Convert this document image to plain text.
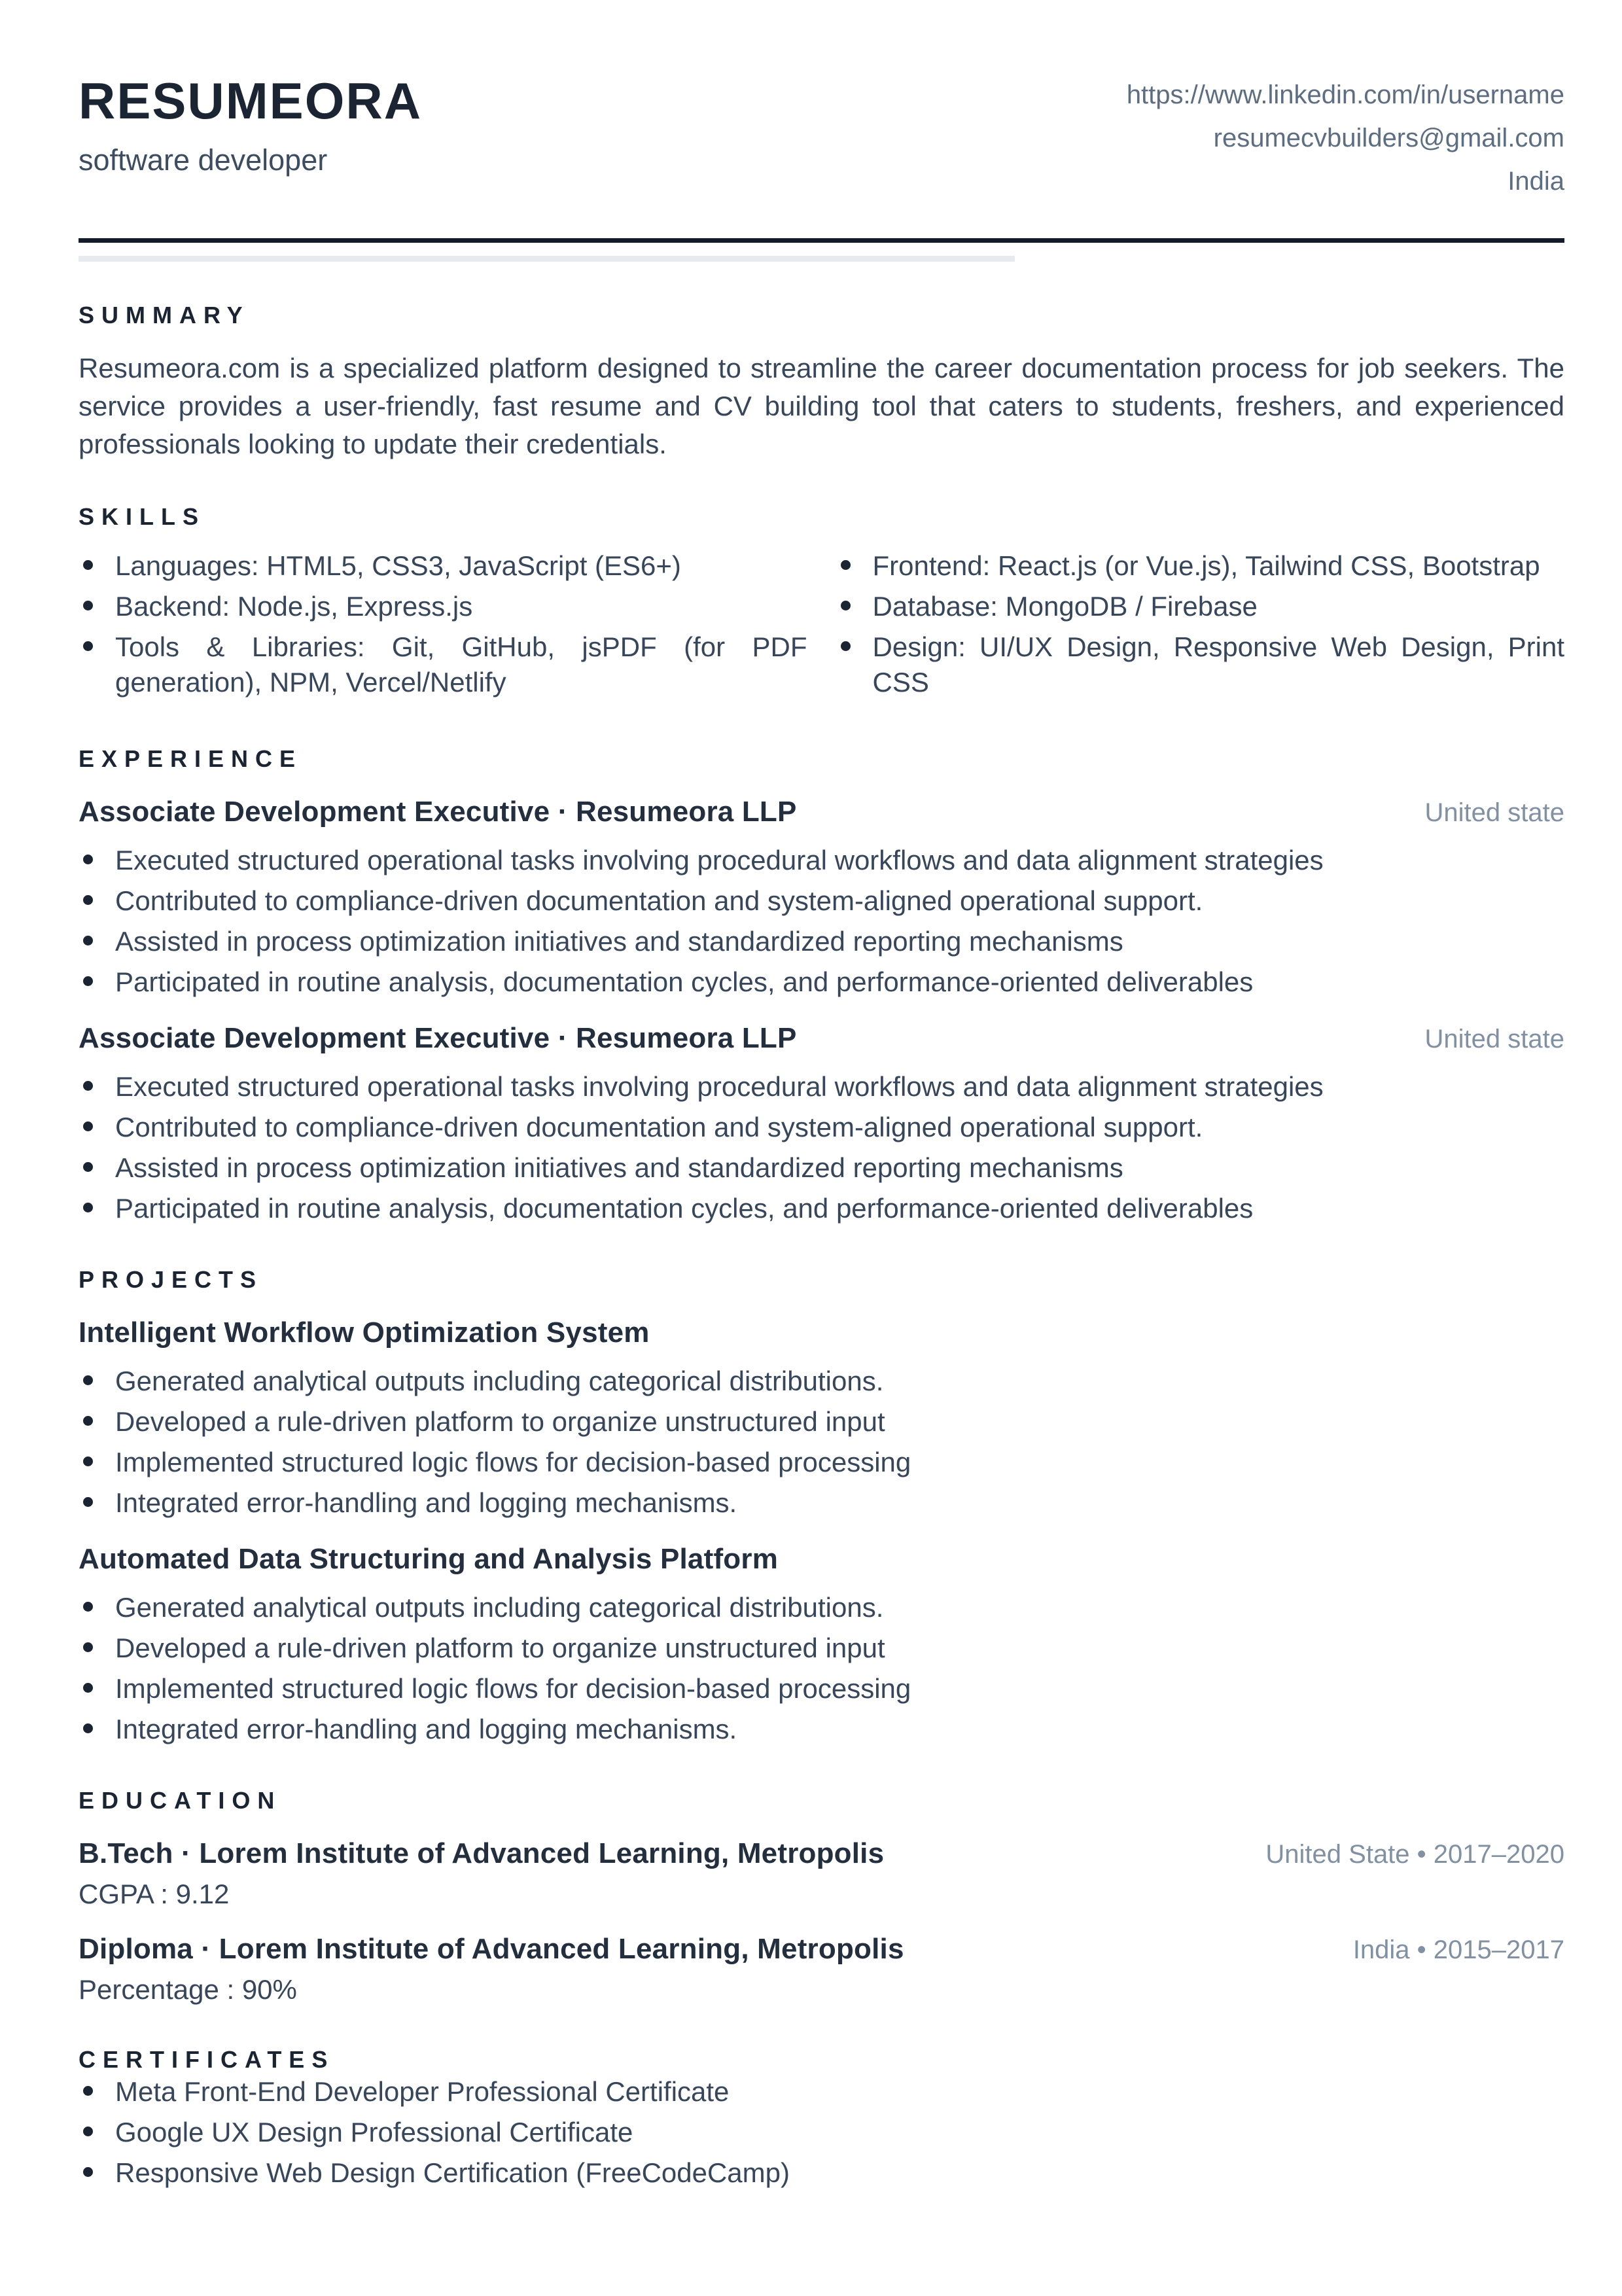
RESUMEORA
software developer
https://www.linkedin.com/in/username
resumecvbuilders@gmail.com
India
SUMMARY

Resumeora.com is a specialized platform designed to streamline the career documentation process for job seekers. The service provides a user-friendly, fast resume and CV building tool that caters to students, freshers, and experienced professionals looking to update their credentials.

SKILLS
Languages: HTML5, CSS3, JavaScript (ES6+)
Backend: Node.js, Express.js
Tools & Libraries: Git, GitHub, jsPDF (for PDF generation), NPM, Vercel/Netlify
Frontend: React.js (or Vue.js), Tailwind CSS, Bootstrap
Database: MongoDB / Firebase
Design: UI/UX Design, Responsive Web Design, Print CSS
EXPERIENCE
Associate Development Executive · Resumeora LLP	United state
Executed structured operational tasks involving procedural workflows and data alignment strategies
Contributed to compliance-driven documentation and system-aligned operational support.
Assisted in process optimization initiatives and standardized reporting mechanisms
Participated in routine analysis, documentation cycles, and performance-oriented deliverables
Associate Development Executive · Resumeora LLP	United state
Executed structured operational tasks involving procedural workflows and data alignment strategies
Contributed to compliance-driven documentation and system-aligned operational support.
Assisted in process optimization initiatives and standardized reporting mechanisms
Participated in routine analysis, documentation cycles, and performance-oriented deliverables
PROJECTS
Intelligent Workflow Optimization System
Generated analytical outputs including categorical distributions.
Developed a rule-driven platform to organize unstructured input
Implemented structured logic flows for decision-based processing
Integrated error-handling and logging mechanisms.
Automated Data Structuring and Analysis Platform
Generated analytical outputs including categorical distributions.
Developed a rule-driven platform to organize unstructured input
Implemented structured logic flows for decision-based processing
Integrated error-handling and logging mechanisms.
EDUCATION
B.Tech · Lorem Institute of Advanced Learning, Metropolis	United State • 2017–2020
CGPA : 9.12
Diploma · Lorem Institute of Advanced Learning, Metropolis	India • 2015–2017
Percentage : 90%
CERTIFICATES
Meta Front-End Developer Professional Certificate
Google UX Design Professional Certificate
Responsive Web Design Certification (FreeCodeCamp)
